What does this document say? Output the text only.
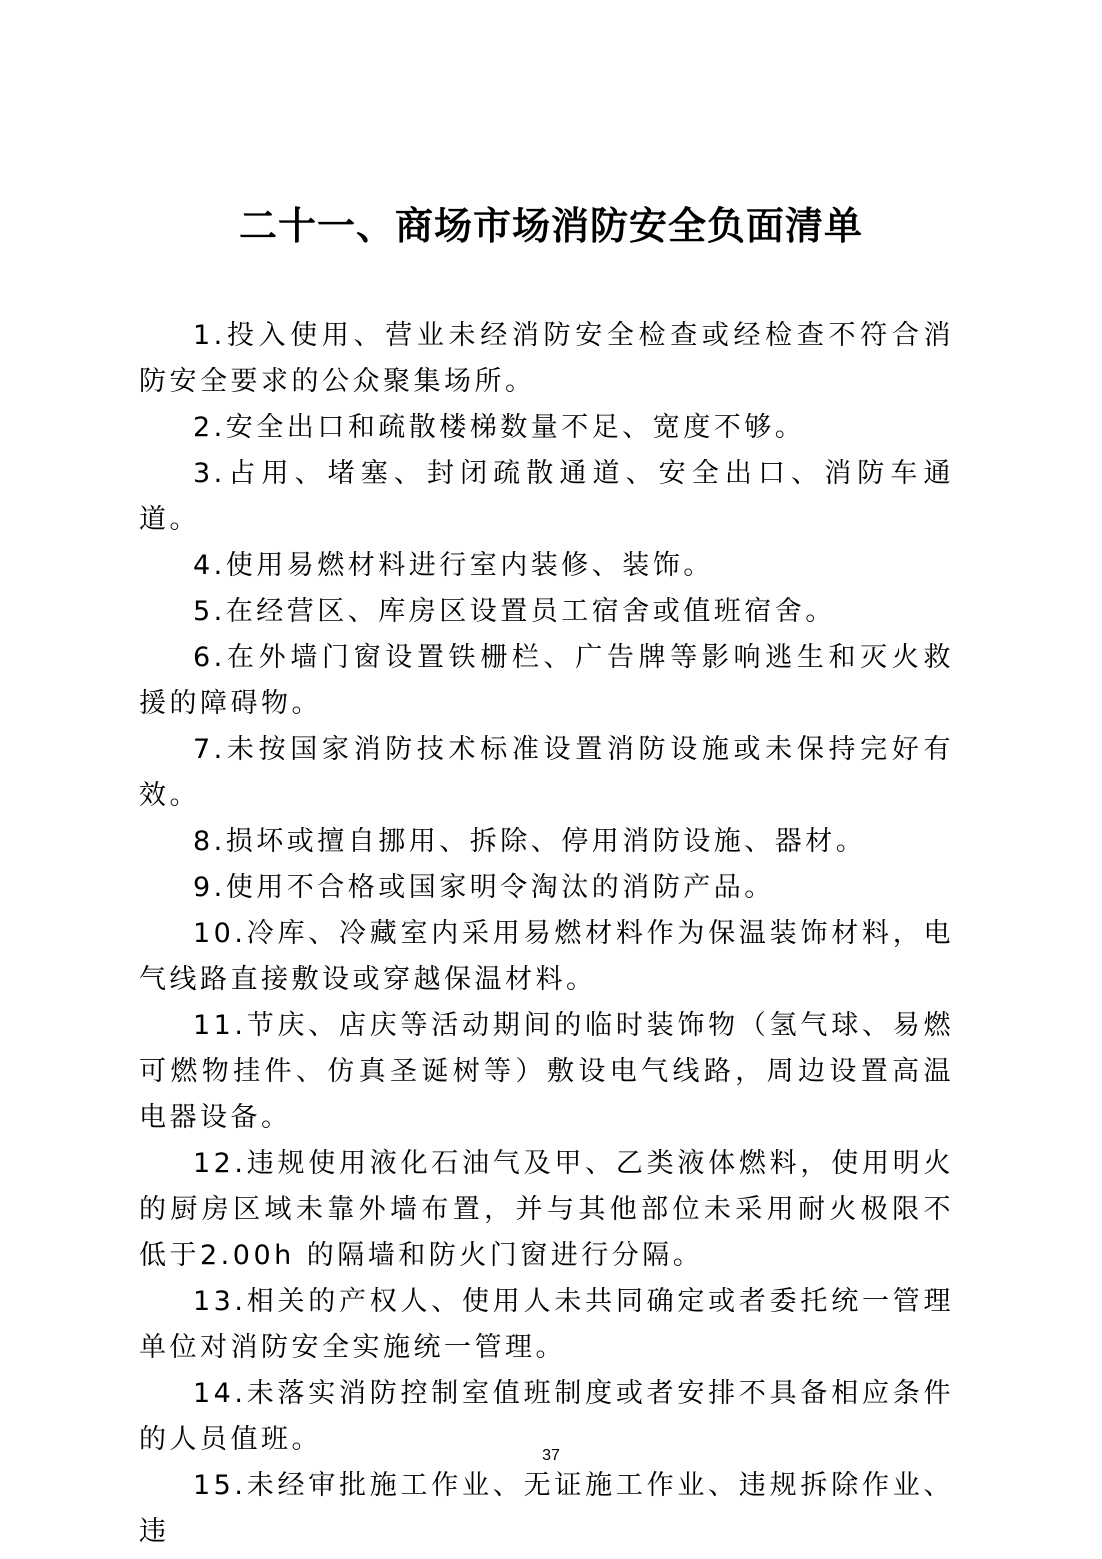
二十一、商场市场消防安全负面清单

1.投入使用、营业未经消防安全检查或经检查不符合消防安全要求的公众聚集场所。

2.安全出口和疏散楼梯数量不足、宽度不够。

3.占用、堵塞、封闭疏散通道、安全出口、消防车通道。

4.使用易燃材料进行室内装修、装饰。

5.在经营区、库房区设置员工宿舍或值班宿舍。

6.在外墙门窗设置铁栅栏、广告牌等影响逃生和灭火救援的障碍物。

7.未按国家消防技术标准设置消防设施或未保持完好有效。

8.损坏或擅自挪用、拆除、停用消防设施、器材。

9.使用不合格或国家明令淘汰的消防产品。

10.冷库、冷藏室内采用易燃材料作为保温装饰材料，电气线路直接敷设或穿越保温材料。

11.节庆、店庆等活动期间的临时装饰物（氢气球、易燃可燃物挂件、仿真圣诞树等）敷设电气线路，周边设置高温电器设备。

12.违规使用液化石油气及甲、乙类液体燃料，使用明火的厨房区域未靠外墙布置，并与其他部位未采用耐火极限不低于2.00h 的隔墙和防火门窗进行分隔。

13.相关的产权人、使用人未共同确定或者委托统一管理单位对消防安全实施统一管理。

14.未落实消防控制室值班制度或者安排不具备相应条件的人员值班。

15.未经审批施工作业、无证施工作业、违规拆除作业、违

37
